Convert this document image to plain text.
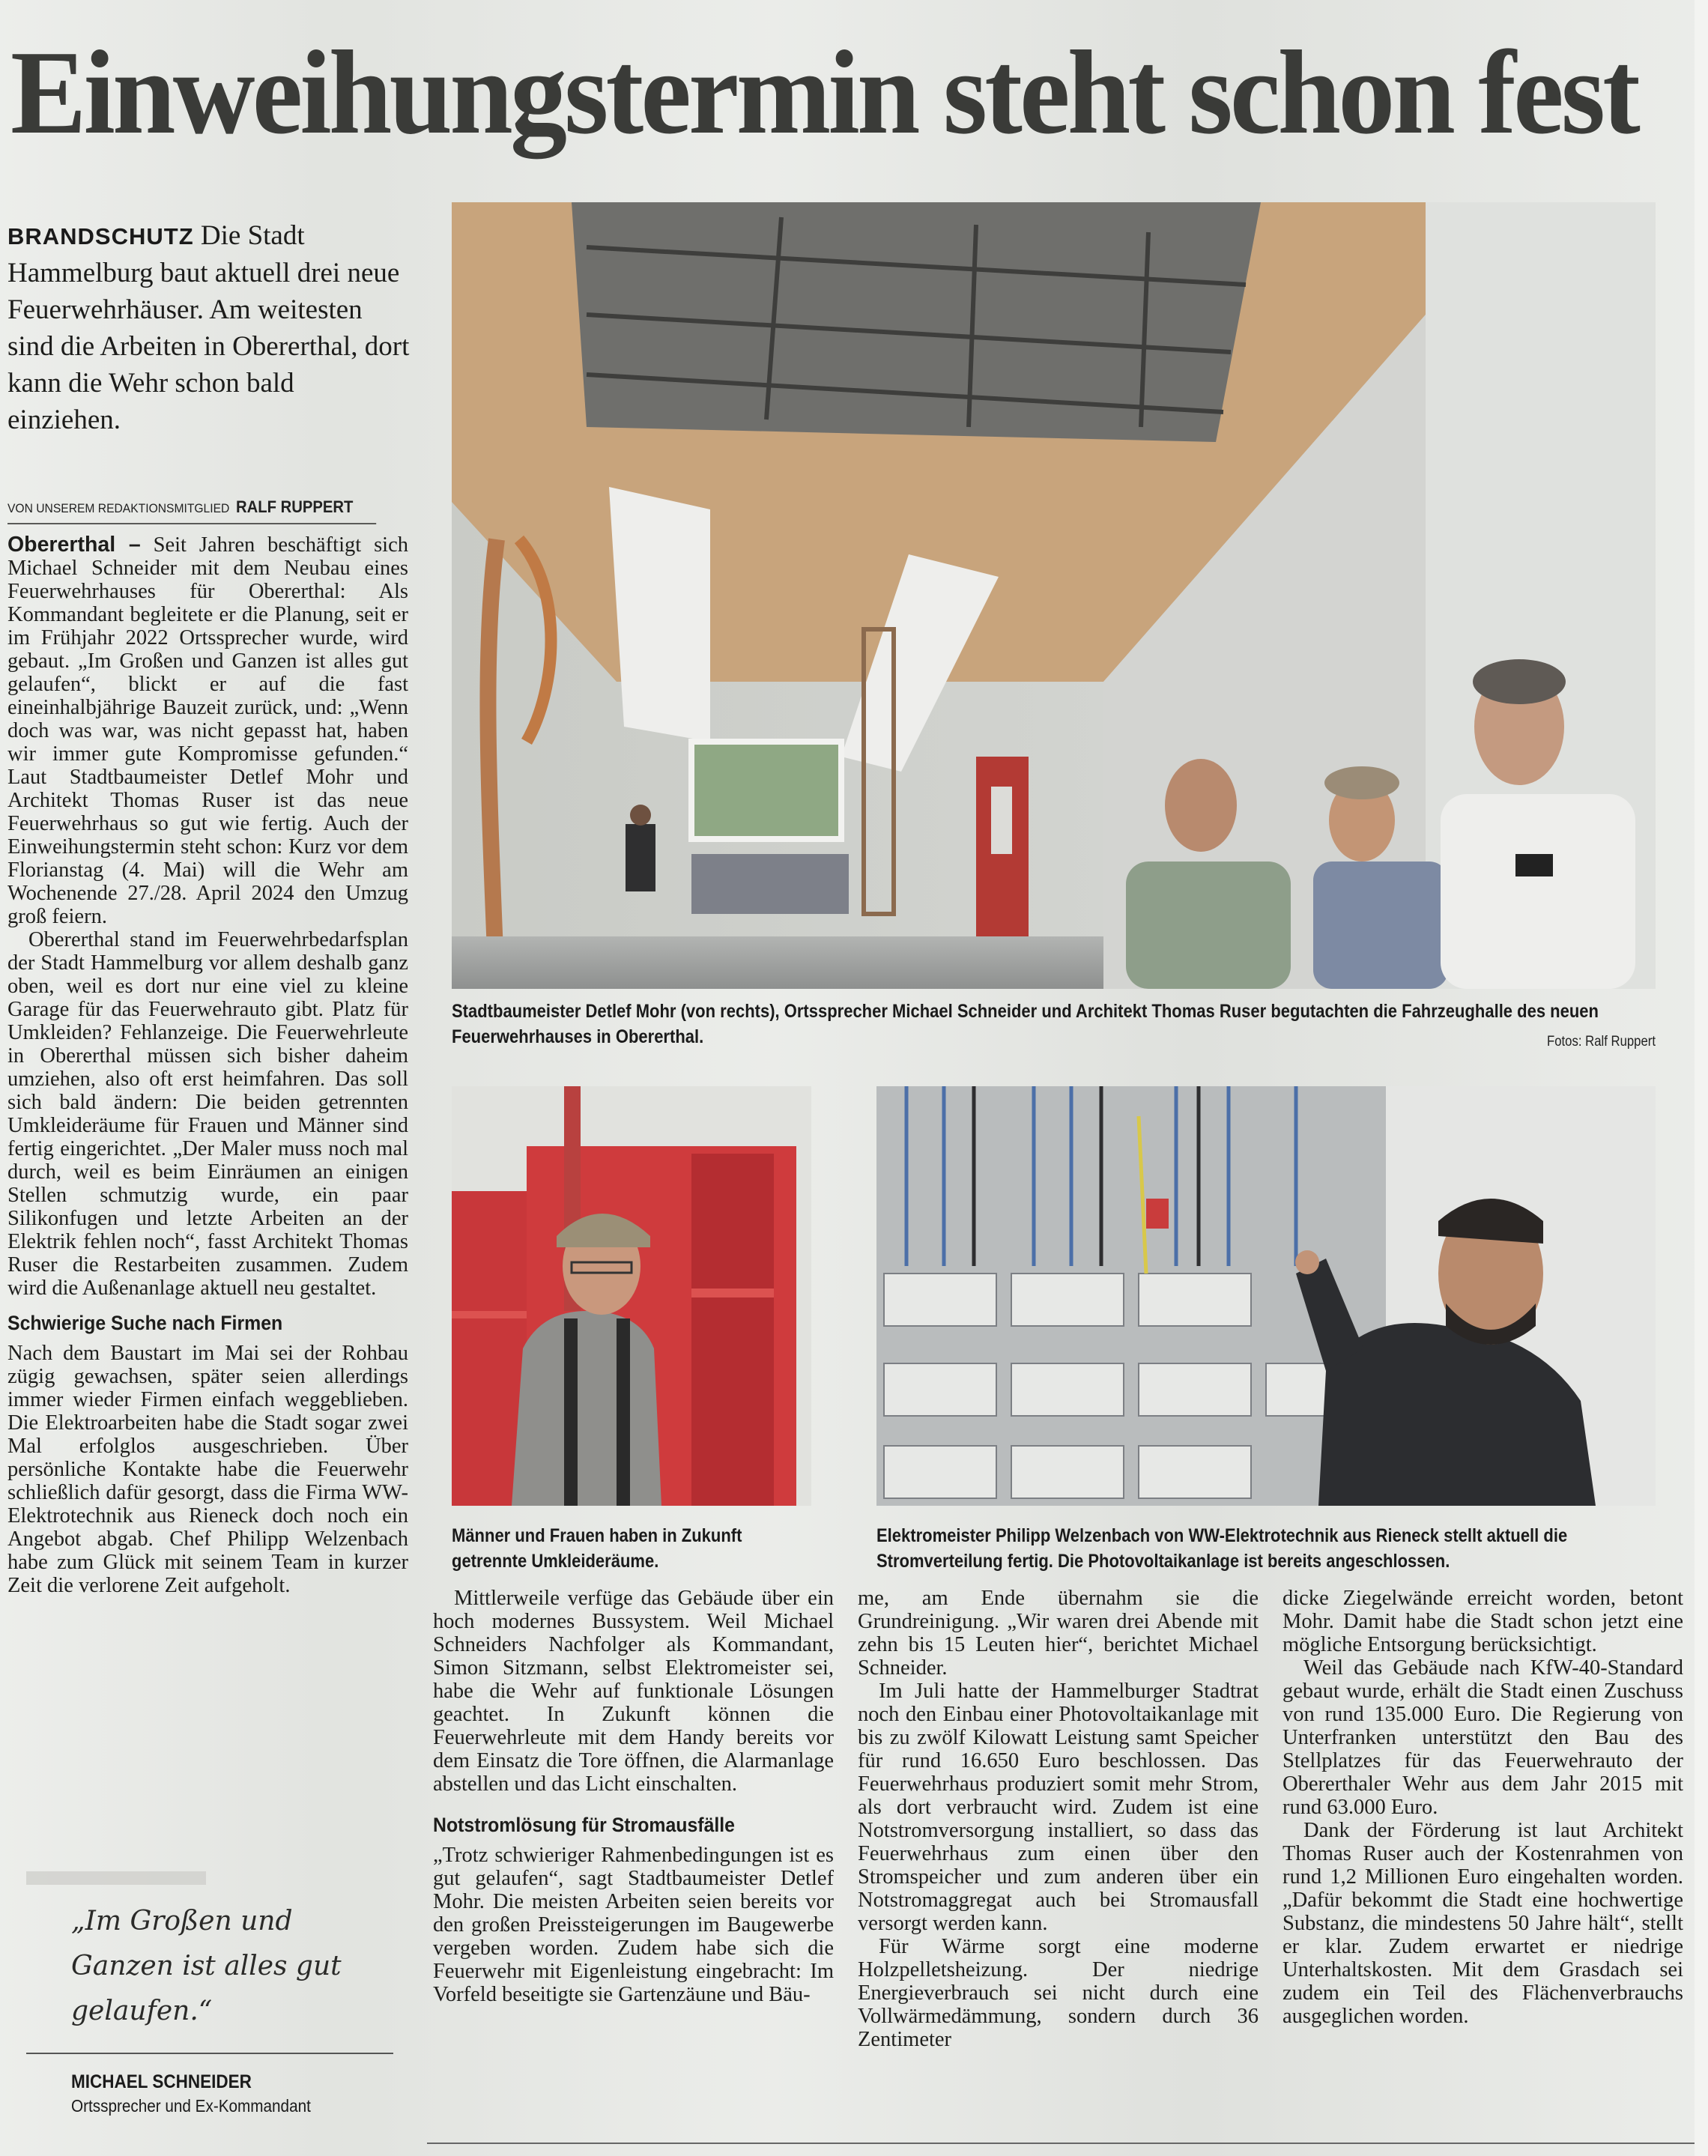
Einweihungstermin steht schon fest
BRANDSCHUTZ Die Stadt Hammelburg baut aktuell drei neue Feuerwehrhäuser. Am weitesten sind die Arbeiten in Obererthal, dort kann die Wehr schon bald einziehen.
VON UNSEREM REDAKTIONSMITGLIED RALF RUPPERT

Obererthal – Seit Jahren beschäftigt sich Michael Schneider mit dem Neubau eines Feuerwehrhauses für Obererthal: Als Kommandant begleitete er die Planung, seit er im Frühjahr 2022 Ortssprecher wurde, wird gebaut. „Im Großen und Ganzen ist alles gut gelaufen“, blickt er auf die fast eineinhalbjährige Bauzeit zurück, und: „Wenn doch was war, was nicht gepasst hat, haben wir immer gute Kompromisse gefunden.“ Laut Stadtbaumeister Detlef Mohr und Architekt Thomas Ruser ist das neue Feuerwehrhaus so gut wie fertig. Auch der Einweihungstermin steht schon: Kurz vor dem Florianstag (4. Mai) will die Wehr am Wochenende 27./28. April 2024 den Umzug groß feiern.

Obererthal stand im Feuerwehrbedarfsplan der Stadt Hammelburg vor allem deshalb ganz oben, weil es dort nur eine viel zu kleine Garage für das Feuerwehrauto gibt. Platz für Umkleiden? Fehlanzeige. Die Feuerwehrleute in Obererthal müssen sich bisher daheim umziehen, also oft erst heimfahren. Das soll sich bald ändern: Die beiden getrennten Umkleideräume für Frauen und Männer sind fertig eingerichtet. „Der Maler muss noch mal durch, weil es beim Einräumen an einigen Stellen schmutzig wurde, ein paar Silikonfugen und letzte Arbeiten an der Elektrik fehlen noch“, fasst Architekt Thomas Ruser die Restarbeiten zusammen. Zudem wird die Außenanlage aktuell neu gestaltet.

Schwierige Suche nach Firmen

Nach dem Baustart im Mai sei der Rohbau zügig gewachsen, später seien allerdings immer wieder Firmen einfach weggeblieben. Die Elektroarbeiten habe die Stadt sogar zwei Mal erfolglos ausgeschrieben. Über persönliche Kontakte habe die Feuerwehr schließlich dafür gesorgt, dass die Firma WW-Elektrotechnik aus Rieneck doch noch ein Angebot abgab. Chef Philipp Welzenbach habe zum Glück mit seinem Team in kurzer Zeit die verlorene Zeit aufgeholt.

„Im Großen und Ganzen ist alles gut gelaufen.“
MICHAEL SCHNEIDER
Ortssprecher und Ex-Kommandant
Stadtbaumeister Detlef Mohr (von rechts), Ortssprecher Michael Schneider und Architekt Thomas Ruser begutachten die Fahrzeughalle des neuen Feuerwehrhauses in Obererthal.	Fotos: Ralf Ruppert
Männer und Frauen haben in Zukunft getrennte Umkleideräume.
Elektromeister Philipp Welzenbach von WW-Elektrotechnik aus Rieneck stellt aktuell die Stromverteilung fertig. Die Photovoltaikanlage ist bereits angeschlossen.

Mittlerweile verfüge das Gebäude über ein hoch modernes Bussystem. Weil Michael Schneiders Nachfolger als Kommandant, Simon Sitzmann, selbst Elektromeister sei, habe die Wehr auf funktionale Lösungen geachtet. In Zukunft können die Feuerwehrleute mit dem Handy bereits vor dem Einsatz die Tore öffnen, die Alarmanlage abstellen und das Licht einschalten.

Notstromlösung für Stromausfälle

„Trotz schwieriger Rahmenbedingungen ist es gut gelaufen“, sagt Stadtbaumeister Detlef Mohr. Die meisten Arbeiten seien bereits vor den großen Preissteigerungen im Baugewerbe vergeben worden. Zudem habe sich die Feuerwehr mit Eigenleistung eingebracht: Im Vorfeld beseitigte sie Gartenzäune und Bäu-

me, am Ende übernahm sie die Grundreinigung. „Wir waren drei Abende mit zehn bis 15 Leuten hier“, berichtet Michael Schneider.

Im Juli hatte der Hammelburger Stadtrat noch den Einbau einer Photovoltaikanlage mit bis zu zwölf Kilowatt Leistung samt Speicher für rund 16.650 Euro beschlossen. Das Feuerwehrhaus produziert somit mehr Strom, als dort verbraucht wird. Zudem ist eine Notstromversorgung installiert, so dass das Feuerwehrhaus zum einen über den Stromspeicher und zum anderen über ein Notstromaggregat auch bei Stromausfall versorgt werden kann.

Für Wärme sorgt eine moderne Holzpelletsheizung. Der niedrige Energieverbrauch sei nicht durch eine Vollwärmedämmung, sondern durch 36 Zentimeter

dicke Ziegelwände erreicht worden, betont Mohr. Damit habe die Stadt schon jetzt eine mögliche Entsorgung berücksichtigt.

Weil das Gebäude nach KfW-40-Standard gebaut wurde, erhält die Stadt einen Zuschuss von rund 135.000 Euro. Die Regierung von Unterfranken unterstützt den Bau des Stellplatzes für das Feuerwehrauto der Obererthaler Wehr aus dem Jahr 2015 mit rund 63.000 Euro.

Dank der Förderung ist laut Architekt Thomas Ruser auch der Kostenrahmen von rund 1,2 Millionen Euro eingehalten worden. „Dafür bekommt die Stadt eine hochwertige Substanz, die mindestens 50 Jahre hält“, stellt er klar. Zudem erwartet er niedrige Unterhaltskosten. Mit dem Grasdach sei zudem ein Teil des Flächenverbrauchs ausgeglichen worden.
